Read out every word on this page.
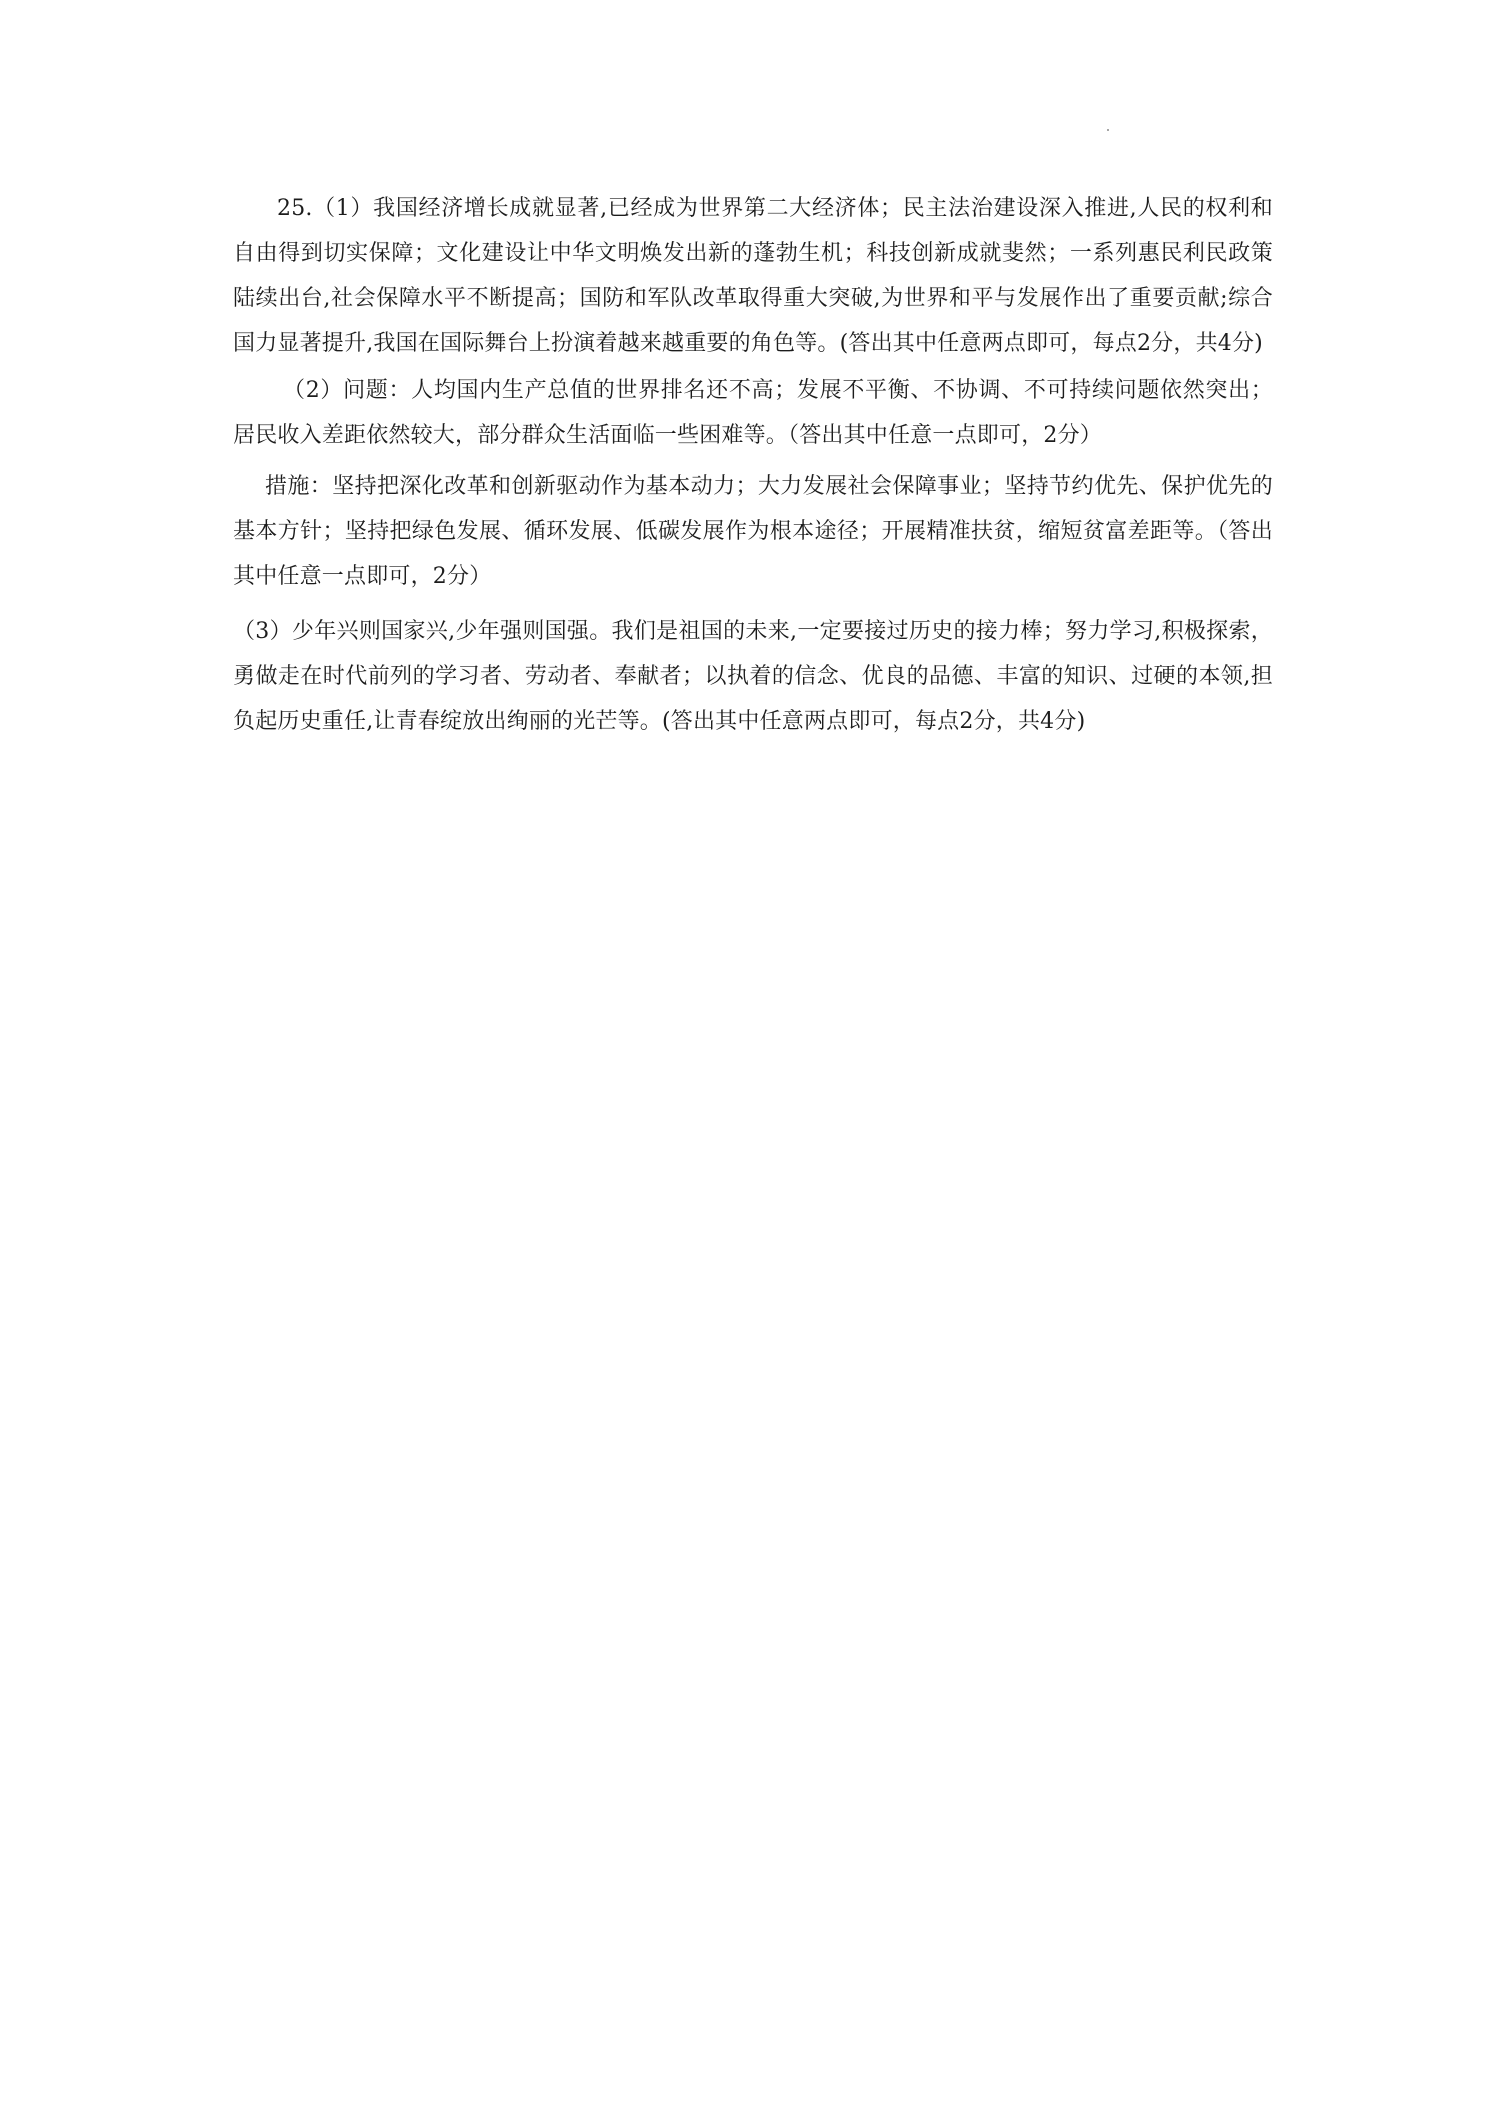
25.（1）我国经济增长成就显著,已经成为世界第二大经济体；民主法治建设深入推进,人民的权利和自由得到切实保障；文化建设让中华文明焕发出新的蓬勃生机；科技创新成就斐然；一系列惠民利民政策陆续出台,社会保障水平不断提高；国防和军队改革取得重大突破,为世界和平与发展作出了重要贡献;综合国力显著提升,我国在国际舞台上扮演着越来越重要的角色等。(答出其中任意两点即可，每点2分，共4分)

（2）问题：人均国内生产总值的世界排名还不高；发展不平衡、不协调、不可持续问题依然突出；居民收入差距依然较大，部分群众生活面临一些困难等。（答出其中任意一点即可，2分）

措施：坚持把深化改革和创新驱动作为基本动力；大力发展社会保障事业；坚持节约优先、保护优先的基本方针；坚持把绿色发展、循环发展、低碳发展作为根本途径；开展精准扶贫，缩短贫富差距等。（答出其中任意一点即可，2分）

（3）少年兴则国家兴,少年强则国强。我们是祖国的未来,一定要接过历史的接力棒；努力学习,积极探索，勇做走在时代前列的学习者、劳动者、奉献者；以执着的信念、优良的品德、丰富的知识、过硬的本领,担负起历史重任,让青春绽放出绚丽的光芒等。(答出其中任意两点即可，每点2分，共4分)
